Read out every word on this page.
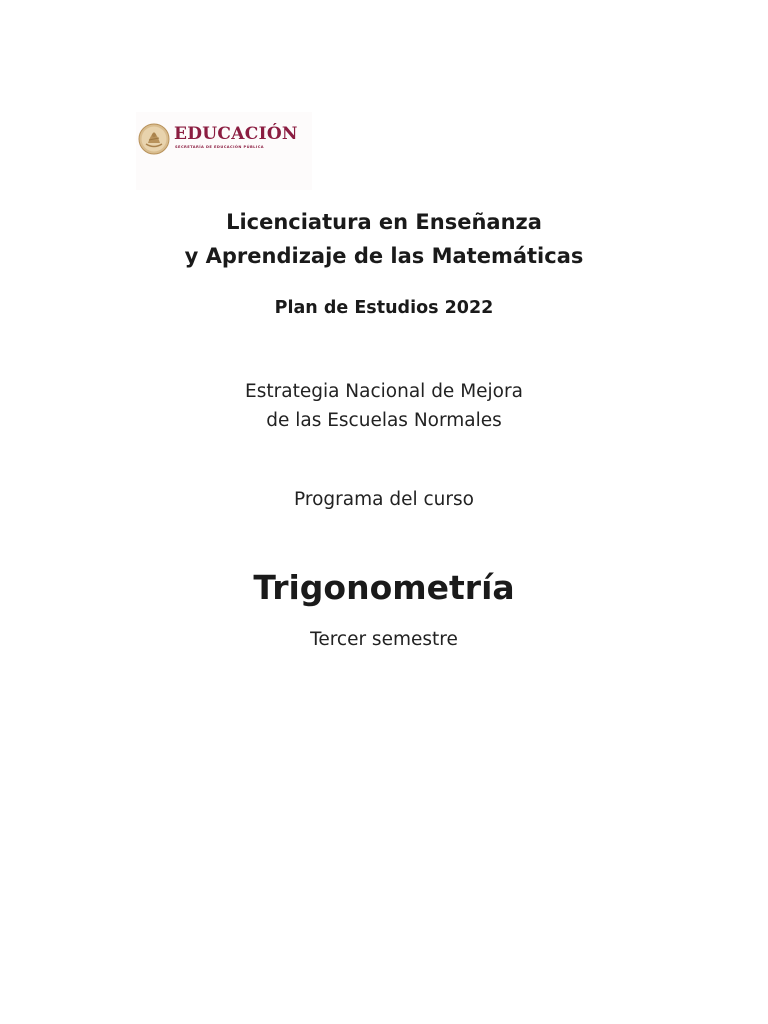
EDUCACIÓN
SECRETARÍA DE EDUCACIÓN PÚBLICA
Licenciatura en Enseñanza
y Aprendizaje de las Matemáticas
Plan de Estudios 2022
Estrategia Nacional de Mejora
de las Escuelas Normales
Programa del curso
Trigonometría
Tercer semestre
